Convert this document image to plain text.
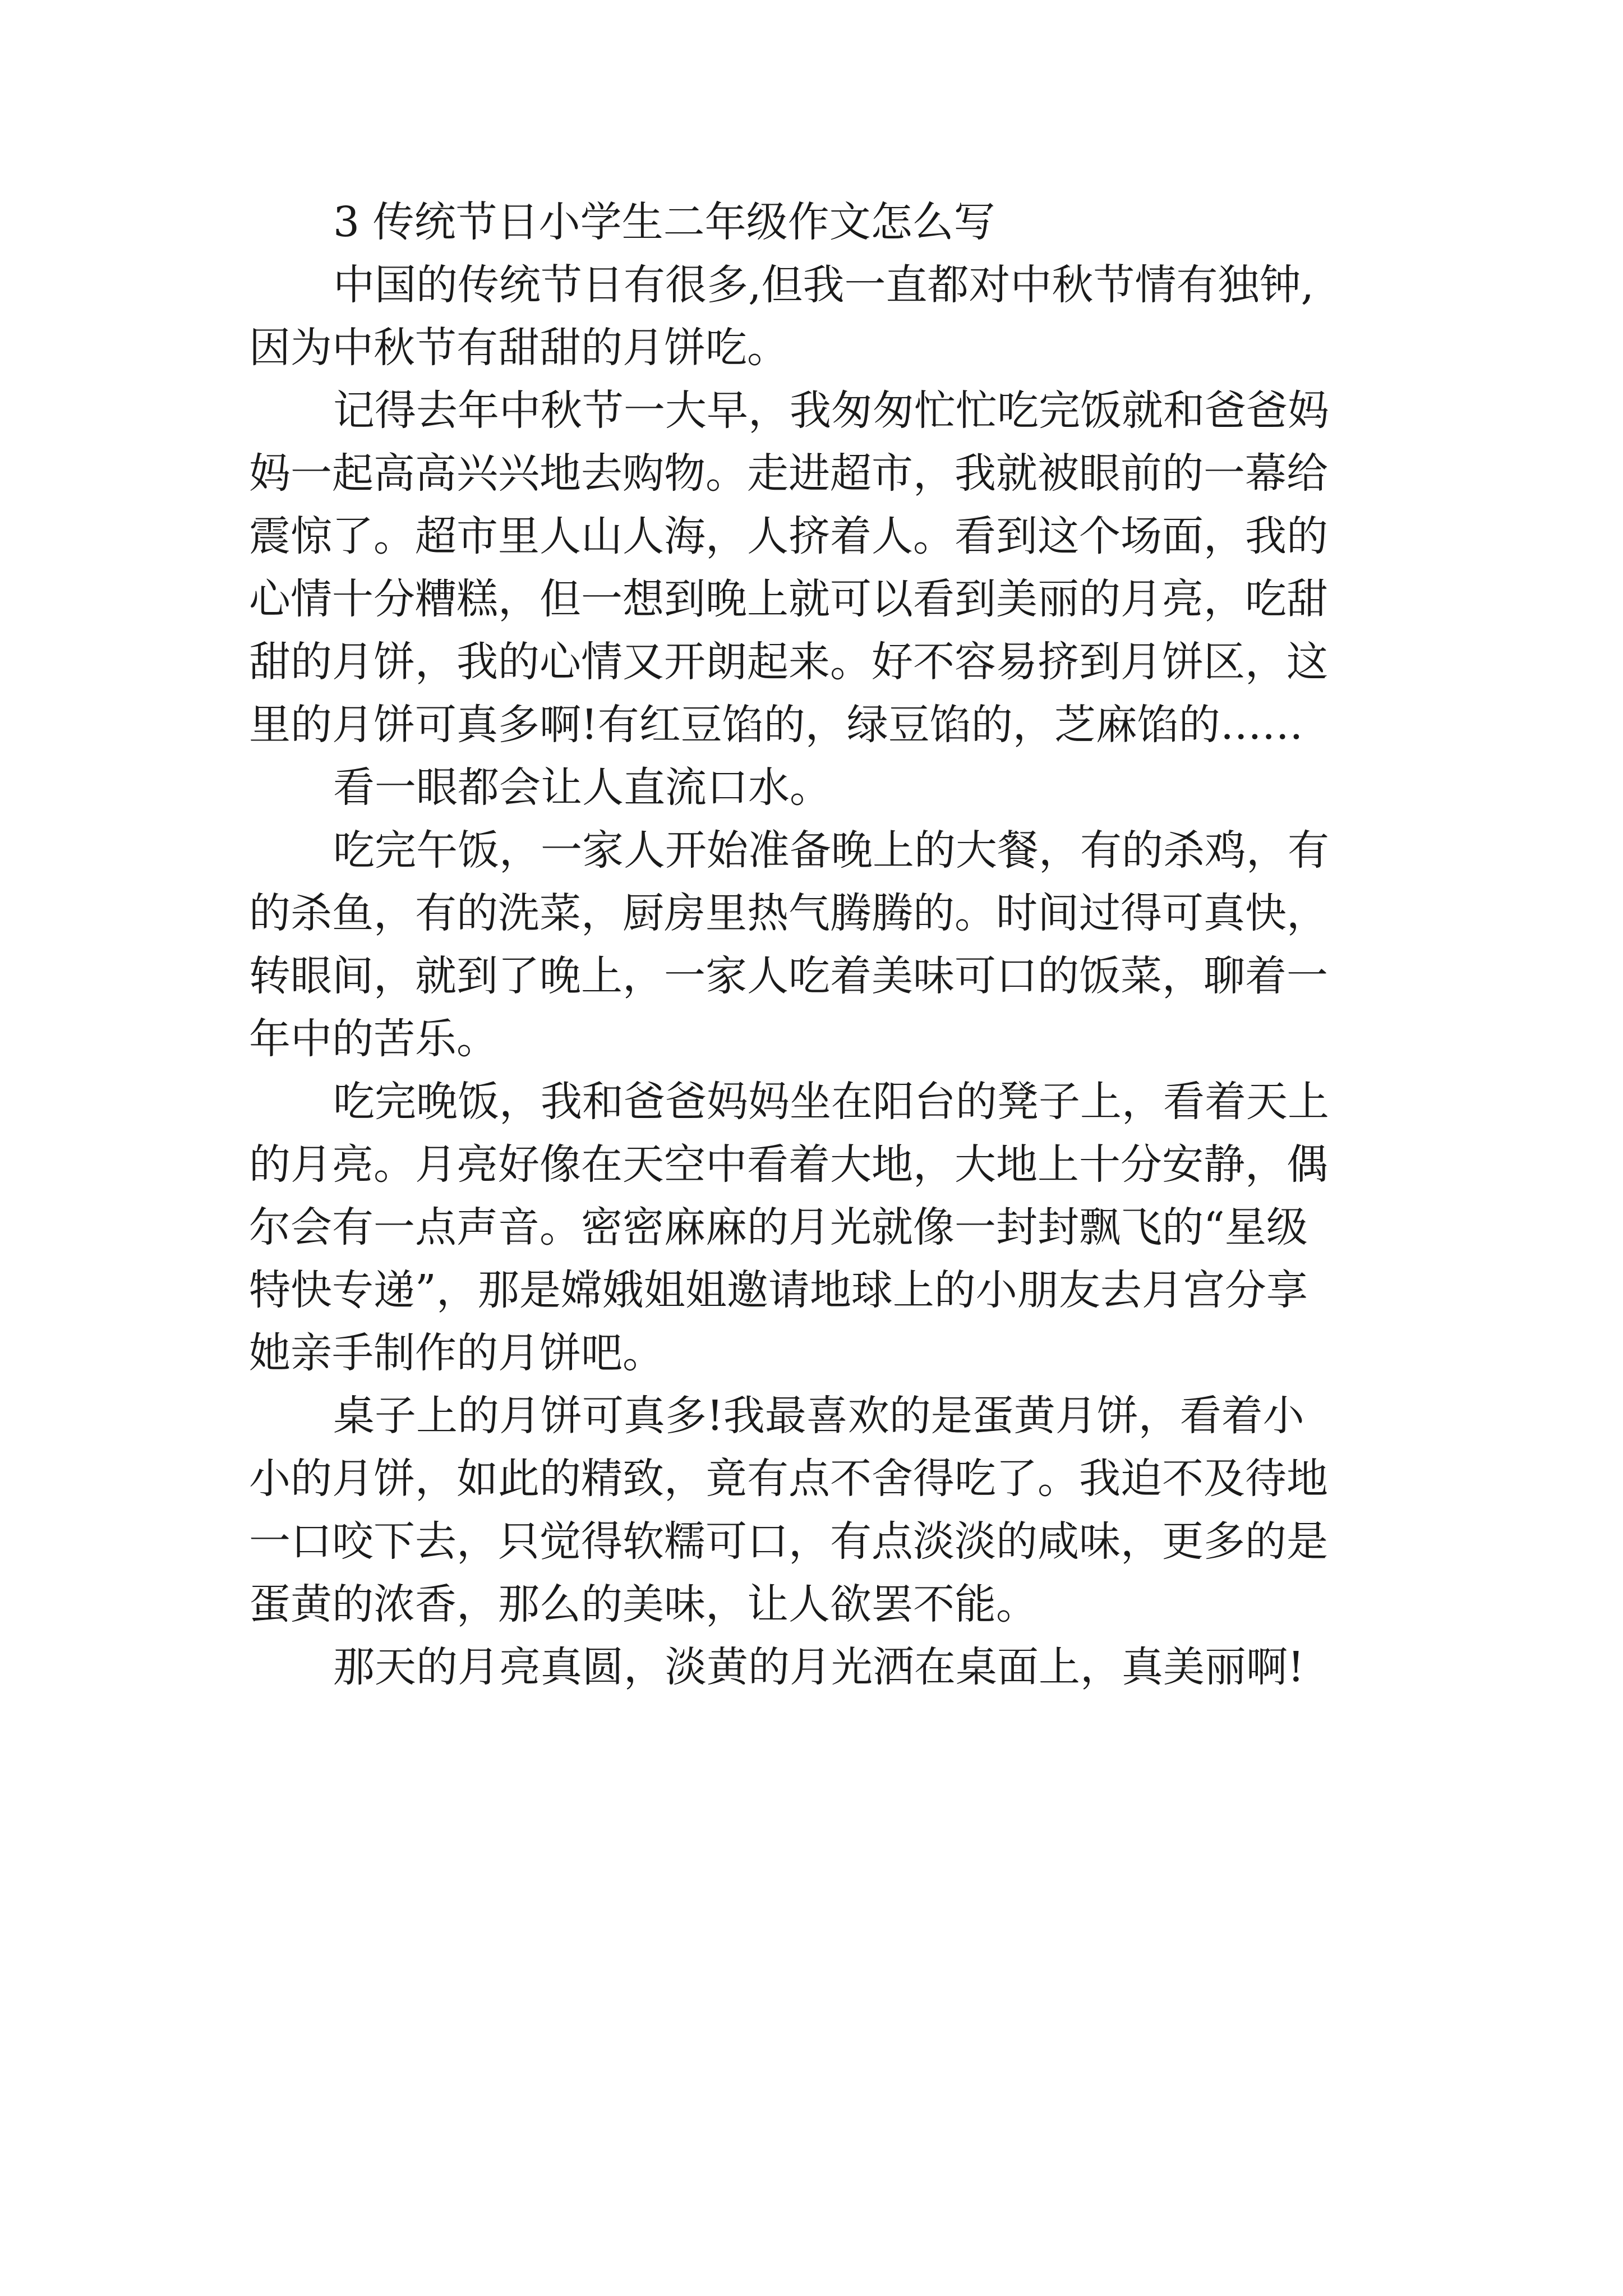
3 传统节日小学生二年级作文怎么写
中国的传统节日有很多,但我一直都对中秋节情有独钟,
因为中秋节有甜甜的月饼吃。
记得去年中秋节一大早，我匆匆忙忙吃完饭就和爸爸妈
妈一起高高兴兴地去购物。走进超市，我就被眼前的一幕给
震惊了。超市里人山人海，人挤着人。看到这个场面，我的
心情十分糟糕，但一想到晚上就可以看到美丽的月亮，吃甜
甜的月饼，我的心情又开朗起来。好不容易挤到月饼区，这
里的月饼可真多啊!有红豆馅的，绿豆馅的，芝麻馅的……
看一眼都会让人直流口水。
吃完午饭，一家人开始准备晚上的大餐，有的杀鸡，有
的杀鱼，有的洗菜，厨房里热气腾腾的。时间过得可真快，
转眼间，就到了晚上，一家人吃着美味可口的饭菜，聊着一
年中的苦乐。
吃完晚饭，我和爸爸妈妈坐在阳台的凳子上，看着天上
的月亮。月亮好像在天空中看着大地，大地上十分安静，偶
尔会有一点声音。密密麻麻的月光就像一封封飘飞的“星级
特快专递”，那是嫦娥姐姐邀请地球上的小朋友去月宫分享
她亲手制作的月饼吧。
桌子上的月饼可真多!我最喜欢的是蛋黄月饼，看着小
小的月饼，如此的精致，竟有点不舍得吃了。我迫不及待地
一口咬下去，只觉得软糯可口，有点淡淡的咸味，更多的是
蛋黄的浓香，那么的美味，让人欲罢不能。
那天的月亮真圆，淡黄的月光洒在桌面上，真美丽啊!
